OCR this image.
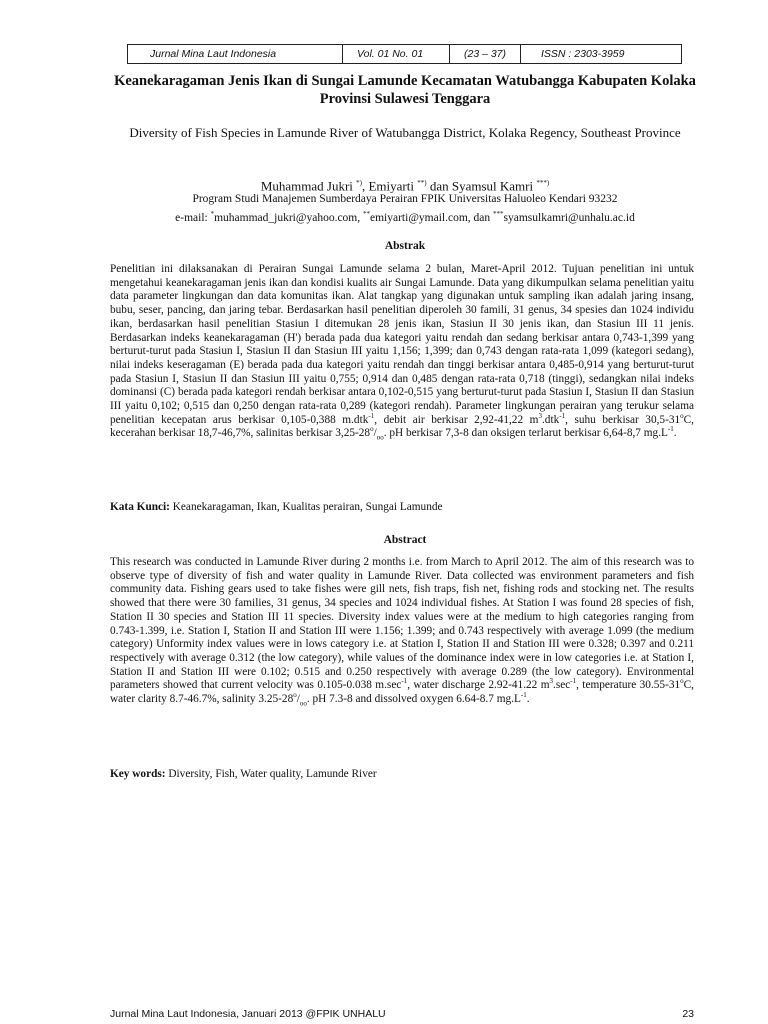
Jurnal Mina Laut Indonesia	Vol. 01 No. 01	(23 – 37)	ISSN : 2303-3959
Keanekaragaman Jenis Ikan di Sungai Lamunde Kecamatan Watubangga Kabupaten Kolaka Provinsi Sulawesi Tenggara
Diversity of Fish Species in Lamunde River of Watubangga District, Kolaka Regency, Southeast Province
Muhammad Jukri *), Emiyarti **) dan Syamsul Kamri ***)
Program Studi Manajemen Sumberdaya Perairan FPIK Universitas Haluoleo Kendari 93232
e-mail: *muhammad_jukri@yahoo.com, **emiyarti@ymail.com, dan ***syamsulkamri@unhalu.ac.id
Abstrak

Penelitian ini dilaksanakan di Perairan Sungai Lamunde selama 2 bulan, Maret-April 2012. Tujuan penelitian ini untuk mengetahui keanekaragaman jenis ikan dan kondisi kualits air Sungai Lamunde. Data yang dikumpulkan selama penelitian yaitu data parameter lingkungan dan data komunitas ikan. Alat tangkap yang digunakan untuk sampling ikan adalah jaring insang, bubu, seser, pancing, dan jaring tebar. Berdasarkan hasil penelitian diperoleh 30 famili, 31 genus, 34 spesies dan 1024 individu ikan, berdasarkan hasil penelitian Stasiun I ditemukan 28 jenis ikan, Stasiun II 30 jenis ikan, dan Stasiun III 11 jenis. Berdasarkan indeks keanekaragaman (H') berada pada dua kategori yaitu rendah dan sedang berkisar antara 0,743-1,399 yang berturut-turut pada Stasiun I, Stasiun II dan Stasiun III yaitu 1,156; 1,399; dan 0,743 dengan rata-rata 1,099 (kategori sedang), nilai indeks keseragaman (E) berada pada dua kategori yaitu rendah dan tinggi berkisar antara 0,485-0,914 yang berturut-turut pada Stasiun I, Stasiun II dan Stasiun III yaitu 0,755; 0,914 dan 0,485 dengan rata-rata 0,718 (tinggi), sedangkan nilai indeks dominansi (C) berada pada kategori rendah berkisar antara 0,102-0,515 yang berturut-turut pada Stasiun I, Stasiun II dan Stasiun III yaitu 0,102; 0,515 dan 0,250 dengan rata-rata 0,289 (kategori rendah). Parameter lingkungan perairan yang terukur selama penelitian kecepatan arus berkisar 0,105-0,388 m.dtk$^{-1}$, debit air berkisar 2,92-41,22 $m^3.dtk^{-1}$, suhu berkisar 30,5-31$^o$C, kecerahan berkisar 18,7-46,7%, salinitas berkisar $3,25-28^o/_{oo}$. pH berkisar 7,3-8 dan oksigen terlarut berkisar 6,64-8,7 $mg.L^{-1}$.

Kata Kunci: Keanekaragaman, Ikan, Kualitas perairan, Sungai Lamunde
Abstract

This research was conducted in Lamunde River during 2 months i.e. from March to April 2012. The aim of this research was to observe type of diversity of fish and water quality in Lamunde River. Data collected was environment parameters and fish community data. Fishing gears used to take fishes were gill nets, fish traps, fish net, fishing rods and stocking net. The results showed that there were 30 families, 31 genus, 34 species and 1024 individual fishes. At Station I was found 28 species of fish, Station II 30 species and Station III 11 species. Diversity index values were at the medium to high categories ranging from 0.743-1.399, i.e. Station I, Station II and Station III were 1.156; 1.399; and 0.743 respectively with average 1.099 (the medium category) Unformity index values were in lows category i.e. at Station I, Station II and Station III were 0.328; 0.397 and 0.211 respectively with average 0.312 (the low category), while values of the dominance index were in low categories i.e. at Station I, Station II and Station III were 0.102; 0.515 and 0.250 respectively with average 0.289 (the low category). Environmental parameters showed that current velocity was 0.105-0.038 $m.\sec^{-1}$, water discharge 2.92-41.22 $m^3.\sec^{-1}$, temperature 30.55-31$^o$C, water clarity 8.7-46.7%, salinity $3.25-28^o/_{oo}$. pH 7.3-8 and dissolved oxygen 6.64-8.7 $mg.L^{-1}$.

Key words: Diversity, Fish, Water quality, Lamunde River
Jurnal Mina Laut Indonesia, Januari 2013 @FPIK UNHALU	23
